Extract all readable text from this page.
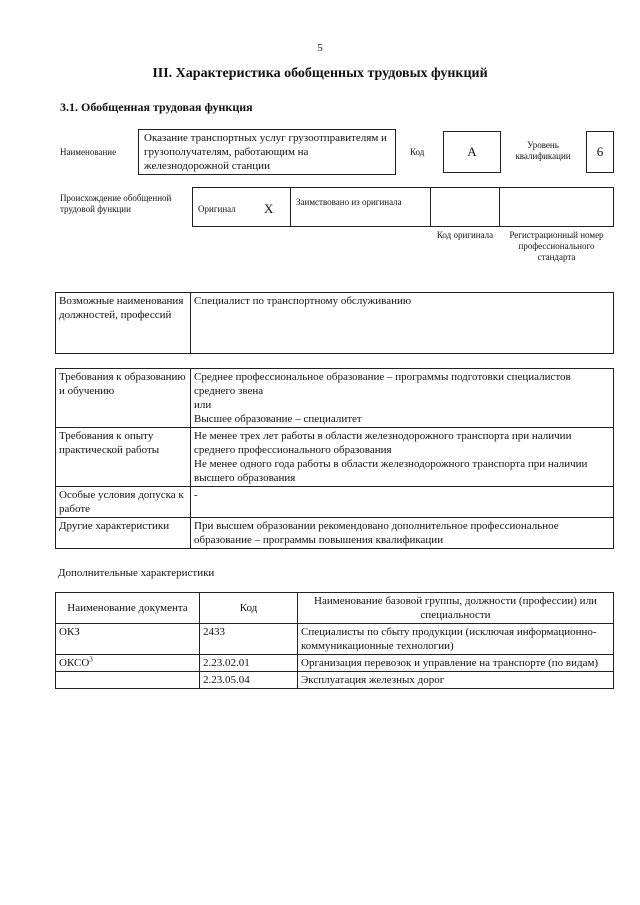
5
III. Характеристика обобщенных трудовых функций
3.1. Обобщенная трудовая функция
Наименование
Оказание транспортных услуг грузоотправителям и грузополучателям, работающим на железнодорожной станции
Код	A	Уровень квалификации	6
Происхождение обобщенной трудовой функции	Оригинал X	Заимствовано из оригинала
Код оригинала	Регистрационный номер профессионального стандарта
Возможные наименования должностей, профессий	Специалист по транспортному обслуживанию
Требования к образованию и обучению	Среднее профессиональное образование – программы подготовки специалистов среднего звена
или
Высшее образование – специалитет

Требования к опыту практической работы	Не менее трех лет работы в области железнодорожного транспорта при наличии среднего профессионального образования
Не менее одного года работы в области железнодорожного транспорта при наличии высшего образования

Особые условия допуска к работе	-

Другие характеристики	При высшем образовании рекомендовано дополнительное профессиональное образование – программы повышения квалификации
Дополнительные характеристики
Наименование документа	Код	Наименование базовой группы, должности (профессии) или специальности
ОКЗ	2433	Специалисты по сбыту продукции (исключая информационно-коммуникационные технологии)
ОКСО$^3$	2.23.02.01	Организация перевозок и управление на транспорте (по видам)
	2.23.05.04	Эксплуатация железных дорог
